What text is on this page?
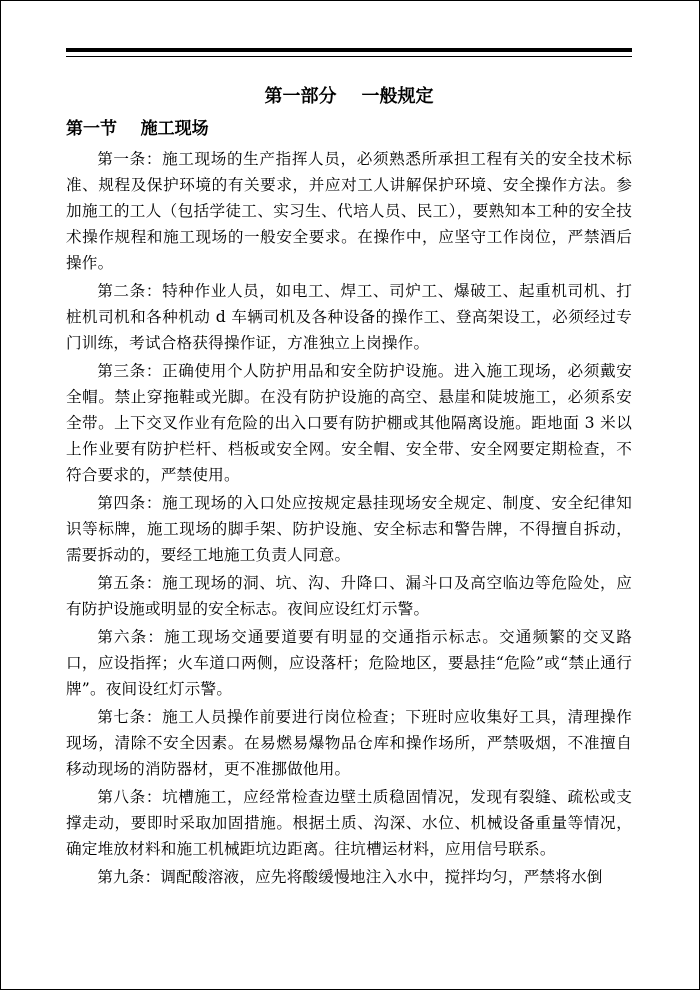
第一部分    一般规定
第一节    施工现场

第一条：施工现场的生产指挥人员，必须熟悉所承担工程有关的安全技术标准、规程及保护环境的有关要求，并应对工人讲解保护环境、安全操作方法。参加施工的工人（包括学徒工、实习生、代培人员、民工），要熟知本工种的安全技术操作规程和施工现场的一般安全要求。在操作中，应坚守工作岗位，严禁酒后操作。

第二条：特种作业人员，如电工、焊工、司炉工、爆破工、起重机司机、打桩机司机和各种机动 d 车辆司机及各种设备的操作工、登高架设工，必须经过专门训练，考试合格获得操作证，方准独立上岗操作。

第三条：正确使用个人防护用品和安全防护设施。进入施工现场，必须戴安全帽。禁止穿拖鞋或光脚。在没有防护设施的高空、悬崖和陡坡施工，必须系安全带。上下交叉作业有危险的出入口要有防护棚或其他隔离设施。距地面 3 米以上作业要有防护栏杆、档板或安全网。安全帽、安全带、安全网要定期检查，不符合要求的，严禁使用。

第四条：施工现场的入口处应按规定悬挂现场安全规定、制度、安全纪律知识等标牌，施工现场的脚手架、防护设施、安全标志和警告牌，不得擅自拆动，需要拆动的，要经工地施工负责人同意。

第五条：施工现场的洞、坑、沟、升降口、漏斗口及高空临边等危险处，应有防护设施或明显的安全标志。夜间应设红灯示警。

第六条：施工现场交通要道要有明显的交通指示标志。交通频繁的交叉路口，应设指挥；火车道口两侧，应设落杆；危险地区，要悬挂“危险”或“禁止通行牌”。夜间设红灯示警。

第七条：施工人员操作前要进行岗位检查；下班时应收集好工具，清理操作现场，清除不安全因素。在易燃易爆物品仓库和操作场所，严禁吸烟，不准擅自移动现场的消防器材，更不准挪做他用。

第八条：坑槽施工，应经常检查边壁土质稳固情况，发现有裂缝、疏松或支撑走动，要即时采取加固措施。根据土质、沟深、水位、机械设备重量等情况，确定堆放材料和施工机械距坑边距离。往坑槽运材料，应用信号联系。

第九条：调配酸溶液，应先将酸缓慢地注入水中，搅拌均匀，严禁将水倒
